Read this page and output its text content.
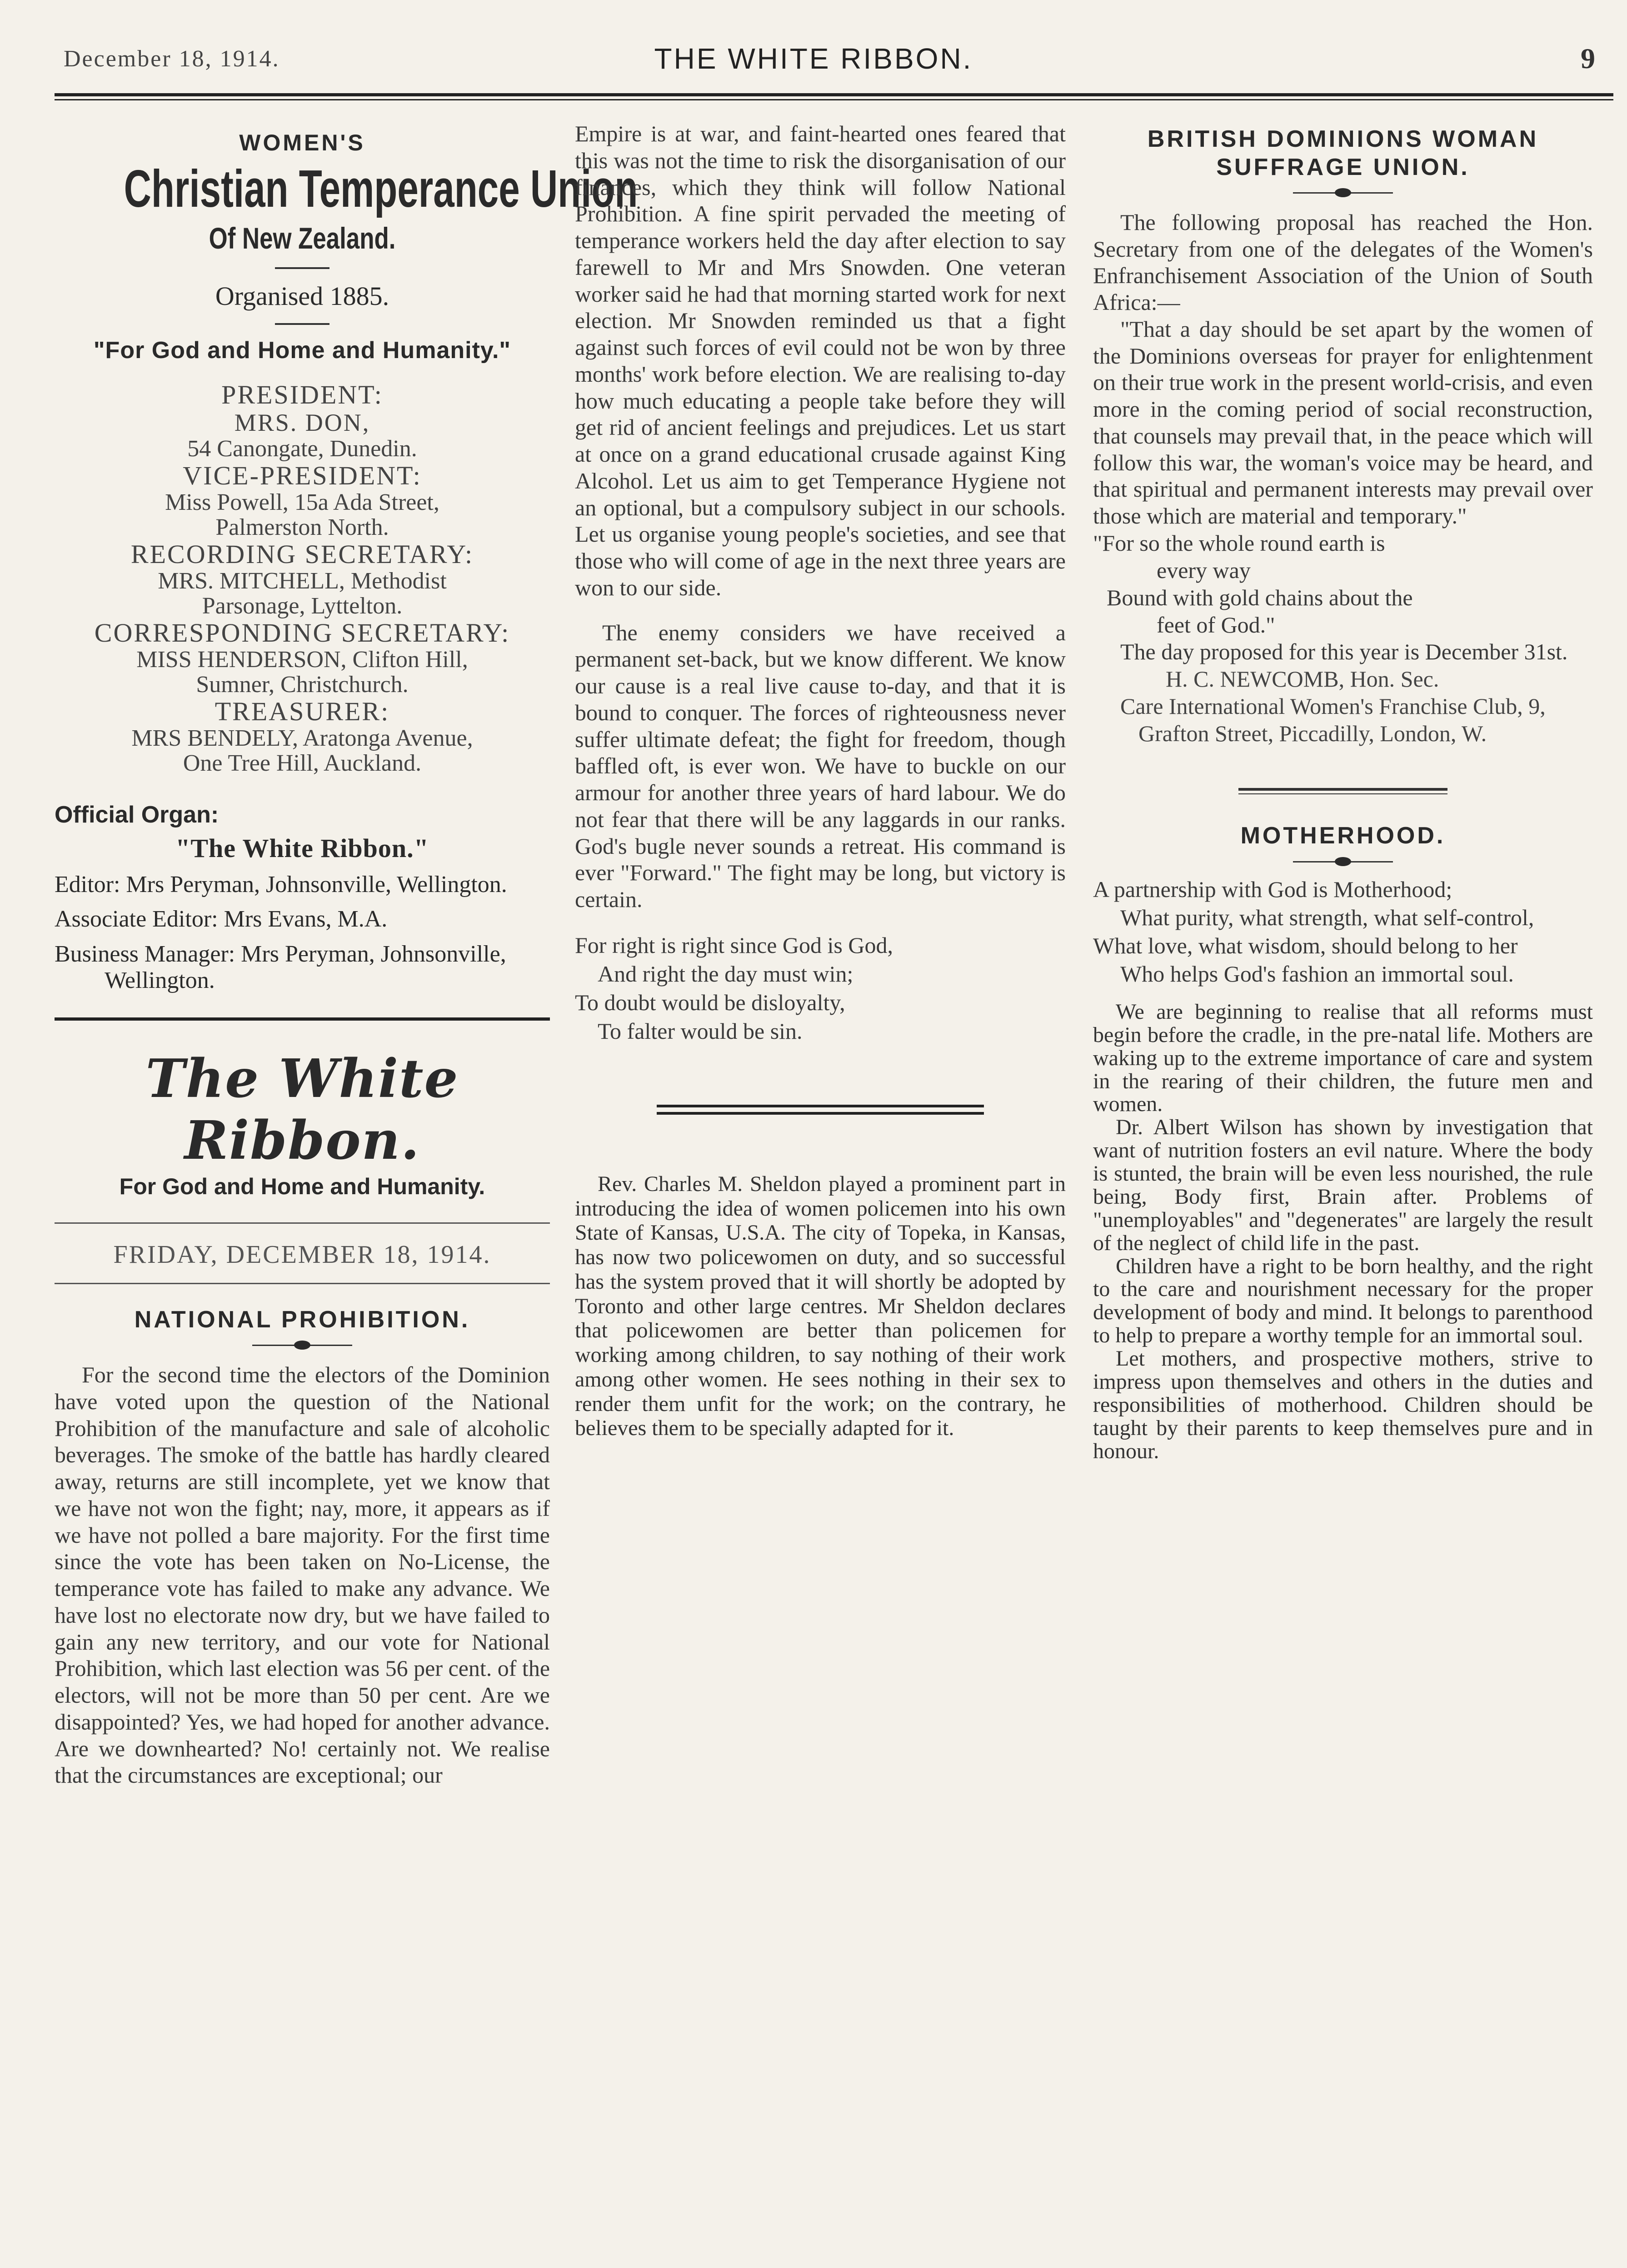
December 18, 1914.	THE WHITE RIBBON.	9
WOMEN'S
Christian Temperance Union
Of New Zealand.
Organised 1885.
"For God and Home and Humanity."
PRESIDENT:
MRS. DON,
54 Canongate, Dunedin.
VICE-PRESIDENT:
Miss Powell, 15a Ada Street,
Palmerston North.
RECORDING SECRETARY:
MRS. MITCHELL, Methodist
Parsonage, Lyttelton.
CORRESPONDING SECRETARY:
MISS HENDERSON, Clifton Hill,
Sumner, Christchurch.
TREASURER:
MRS BENDELY, Aratonga Avenue,
One Tree Hill, Auckland.
Official Organ:
"The White Ribbon."
Editor: Mrs Peryman, Johnsonville, Wellington.
Associate Editor: Mrs Evans, M.A.
Business Manager: Mrs Peryman, Johnsonville, Wellington.
The White Ribbon.
For God and Home and Humanity.
FRIDAY, DECEMBER 18, 1914.
NATIONAL PROHIBITION.

For the second time the electors of the Dominion have voted upon the question of the National Prohibition of the manufacture and sale of alcoholic beverages. The smoke of the battle has hardly cleared away, returns are still incomplete, yet we know that we have not won the fight; nay, more, it appears as if we have not polled a bare majority. For the first time since the vote has been taken on No-License, the temperance vote has failed to make any advance. We have lost no electorate now dry, but we have failed to gain any new territory, and our vote for National Prohibition, which last election was 56 per cent. of the electors, will not be more than 50 per cent. Are we disappointed? Yes, we had hoped for another advance. Are we downhearted? No! certainly not. We realise that the circumstances are exceptional; our

Empire is at war, and faint-hearted ones feared that this was not the time to risk the disorganisation of our finances, which they think will follow National Prohibition. A fine spirit pervaded the meeting of temperance workers held the day after election to say farewell to Mr and Mrs Snowden. One veteran worker said he had that morning started work for next election. Mr Snowden reminded us that a fight against such forces of evil could not be won by three months' work before election. We are realising to-day how much educating a people take before they will get rid of ancient feelings and prejudices. Let us start at once on a grand educational crusade against King Alcohol. Let us aim to get Temperance Hygiene not an optional, but a compulsory subject in our schools. Let us organise young people's societies, and see that those who will come of age in the next three years are won to our side.

The enemy considers we have received a permanent set-back, but we know different. We know our cause is a real live cause to-day, and that it is bound to conquer. The forces of righteousness never suffer ultimate defeat; the fight for freedom, though baffled oft, is ever won. We have to buckle on our armour for another three years of hard labour. We do not fear that there will be any laggards in our ranks. God's bugle never sounds a retreat. His command is ever "Forward." The fight may be long, but victory is certain.

For right is right since God is God,
And right the day must win;
To doubt would be disloyalty,
To falter would be sin.

Rev. Charles M. Sheldon played a prominent part in introducing the idea of women policemen into his own State of Kansas, U.S.A. The city of Topeka, in Kansas, has now two policewomen on duty, and so successful has the system proved that it will shortly be adopted by Toronto and other large centres. Mr Sheldon declares that policewomen are better than policemen for working among children, to say nothing of their work among other women. He sees nothing in their sex to render them unfit for the work; on the contrary, he believes them to be specially adapted for it.

BRITISH DOMINIONS WOMAN
SUFFRAGE UNION.

The following proposal has reached the Hon. Secretary from one of the delegates of the Women's Enfranchisement Association of the Union of South Africa:—

"That a day should be set apart by the women of the Dominions overseas for prayer for enlightenment on their true work in the present world-crisis, and even more in the coming period of social reconstruction, that counsels may prevail that, in the peace which will follow this war, the woman's voice may be heard, and that spiritual and permanent interests may prevail over those which are material and temporary."

"For so the whole round earth is
every way
Bound with gold chains about the
feet of God."

The day proposed for this year is December 31st.

H. C. NEWCOMB, Hon. Sec.
Care International Women's Franchise Club, 9, Grafton Street, Piccadilly, London, W.
MOTHERHOOD.
A partnership with God is Motherhood;
What purity, what strength, what self-control,
What love, what wisdom, should belong to her
Who helps God's fashion an immortal soul.

We are beginning to realise that all reforms must begin before the cradle, in the pre-natal life. Mothers are waking up to the extreme importance of care and system in the rearing of their children, the future men and women.

Dr. Albert Wilson has shown by investigation that want of nutrition fosters an evil nature. Where the body is stunted, the brain will be even less nourished, the rule being, Body first, Brain after. Problems of "unemployables" and "degenerates" are largely the result of the neglect of child life in the past.

Children have a right to be born healthy, and the right to the care and nourishment necessary for the proper development of body and mind. It belongs to parenthood to help to prepare a worthy temple for an immortal soul.

Let mothers, and prospective mothers, strive to impress upon themselves and others in the duties and responsibilities of motherhood. Children should be taught by their parents to keep themselves pure and in honour.
